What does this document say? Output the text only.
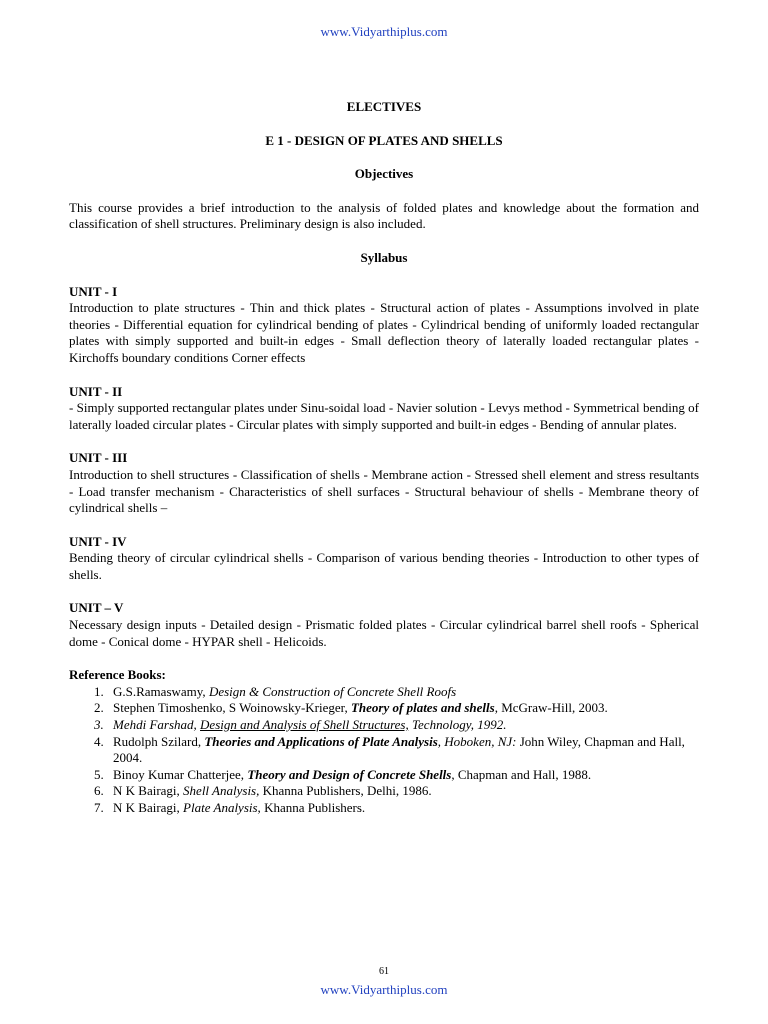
www.Vidyarthiplus.com
ELECTIVES
E 1 - DESIGN OF PLATES AND SHELLS
Objectives
This course provides a brief introduction to the analysis of folded plates and knowledge about the formation and classification of shell structures. Preliminary design is also included.
Syllabus
UNIT - I
Introduction to plate structures - Thin and thick plates - Structural action of plates - Assumptions involved in plate theories - Differential equation for cylindrical bending of plates - Cylindrical bending of uniformly loaded rectangular plates with simply supported and built-in edges - Small deflection theory of laterally loaded rectangular plates - Kirchoffs boundary conditions Corner effects
UNIT - II
- Simply supported rectangular plates under Sinu-soidal load - Navier solution - Levys method - Symmetrical bending of laterally loaded circular plates - Circular plates with simply supported and built-in edges - Bending of annular plates.
UNIT - III
Introduction to shell structures - Classification of shells - Membrane action - Stressed shell element and stress resultants - Load transfer mechanism - Characteristics of shell surfaces - Structural behaviour of shells - Membrane theory of cylindrical shells –
UNIT - IV
Bending theory of circular cylindrical shells - Comparison of various bending theories - Introduction to other types of shells.
UNIT – V
Necessary design inputs - Detailed design - Prismatic folded plates - Circular cylindrical barrel shell roofs - Spherical dome - Conical dome - HYPAR shell - Helicoids.
Reference Books:
1. G.S.Ramaswamy, Design & Construction of Concrete Shell Roofs
2. Stephen Timoshenko, S Woinowsky-Krieger, Theory of plates and shells, McGraw-Hill, 2003.
3. Mehdi Farshad, Design and Analysis of Shell Structures, Technology, 1992.
4. Rudolph Szilard, Theories and Applications of Plate Analysis, Hoboken, NJ: John Wiley, Chapman and Hall, 2004.
5. Binoy Kumar Chatterjee, Theory and Design of Concrete Shells, Chapman and Hall, 1988.
6. N K Bairagi, Shell Analysis, Khanna Publishers, Delhi, 1986.
7. N K Bairagi, Plate Analysis, Khanna Publishers.
61
www.Vidyarthiplus.com
